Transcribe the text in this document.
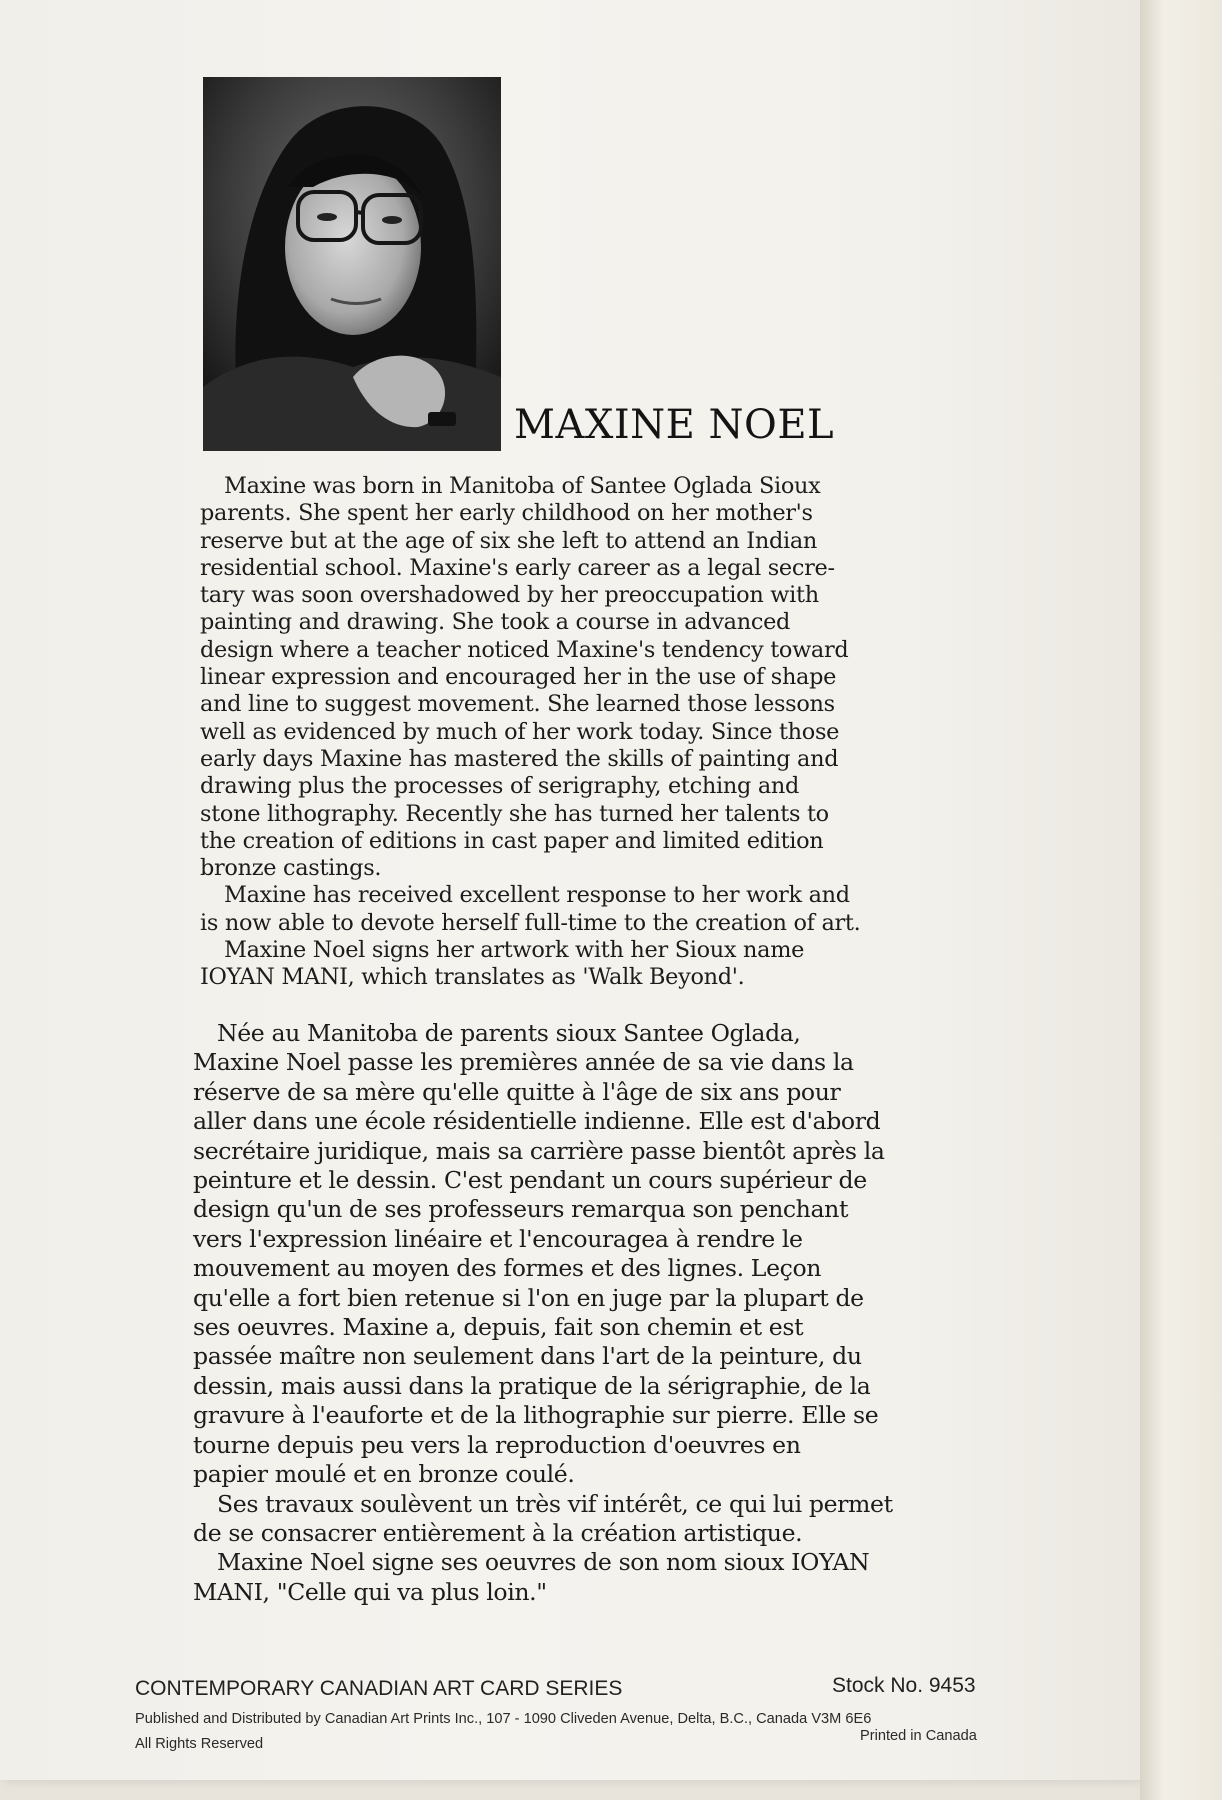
MAXINE NOEL
Maxine was born in Manitoba of Santee Oglada Sioux
parents. She spent her early childhood on her mother's
reserve but at the age of six she left to attend an Indian
residential school. Maxine's early career as a legal secre-
tary was soon overshadowed by her preoccupation with
painting and drawing. She took a course in advanced
design where a teacher noticed Maxine's tendency toward
linear expression and encouraged her in the use of shape
and line to suggest movement. She learned those lessons
well as evidenced by much of her work today. Since those
early days Maxine has mastered the skills of painting and
drawing plus the processes of serigraphy, etching and
stone lithography. Recently she has turned her talents to
the creation of editions in cast paper and limited edition
bronze castings.
Maxine has received excellent response to her work and
is now able to devote herself full-time to the creation of art.
Maxine Noel signs her artwork with her Sioux name
IOYAN MANI, which translates as 'Walk Beyond'.
Née au Manitoba de parents sioux Santee Oglada,
Maxine Noel passe les premières année de sa vie dans la
réserve de sa mère qu'elle quitte à l'âge de six ans pour
aller dans une école résidentielle indienne. Elle est d'abord
secrétaire juridique, mais sa carrière passe bientôt après la
peinture et le dessin. C'est pendant un cours supérieur de
design qu'un de ses professeurs remarqua son penchant
vers l'expression linéaire et l'encouragea à rendre le
mouvement au moyen des formes et des lignes. Leçon
qu'elle a fort bien retenue si l'on en juge par la plupart de
ses oeuvres. Maxine a, depuis, fait son chemin et est
passée maître non seulement dans l'art de la peinture, du
dessin, mais aussi dans la pratique de la sérigraphie, de la
gravure à l'eauforte et de la lithographie sur pierre. Elle se
tourne depuis peu vers la reproduction d'oeuvres en
papier moulé et en bronze coulé.
Ses travaux soulèvent un très vif intérêt, ce qui lui permet
de se consacrer entièrement à la création artistique.
Maxine Noel signe ses oeuvres de son nom sioux IOYAN
MANI, "Celle qui va plus loin."
CONTEMPORARY CANADIAN ART CARD SERIES	Stock No. 9453
Published and Distributed by Canadian Art Prints Inc., 107 - 1090 Cliveden Avenue, Delta, B.C., Canada V3M 6E6
All Rights Reserved	Printed in Canada
